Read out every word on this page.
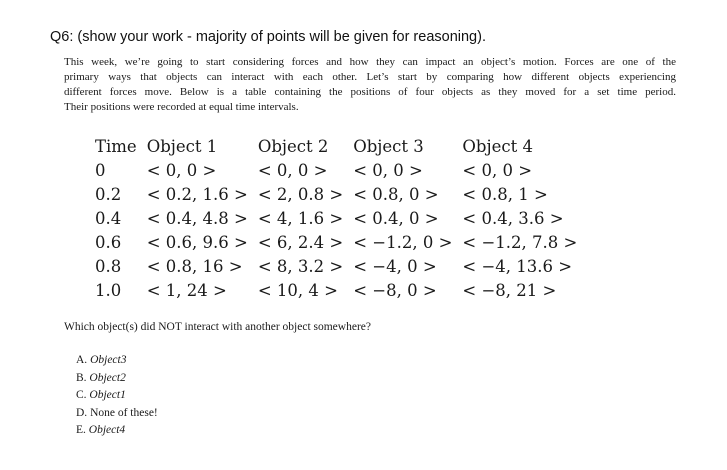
Q6: (show your work - majority of points will be given for reasoning).
This week, we’re going to start considering forces and how they can impact an object’s motion. Forces are one of the
primary ways that objects can interact with each other. Let’s start by comparing how different objects experiencing
different forces move. Below is a table containing the positions of four objects as they moved for a set time period.
Their positions were recorded at equal time intervals.
Time	Object 1	Object 2	Object 3	Object 4
0	< 0, 0 >	< 0, 0 >	< 0, 0 >	< 0, 0 >
0.2	< 0.2, 1.6 >	< 2, 0.8 >	< 0.8, 0 >	< 0.8, 1 >
0.4	< 0.4, 4.8 >	< 4, 1.6 >	< 0.4, 0 >	< 0.4, 3.6 >
0.6	< 0.6, 9.6 >	< 6, 2.4 >	< −1.2, 0 >	< −1.2, 7.8 >
0.8	< 0.8, 16 >	< 8, 3.2 >	< −4, 0 >	< −4, 13.6 >
1.0	< 1, 24 >	< 10, 4 >	< −8, 0 >	< −8, 21 >
Which object(s) did NOT interact with another object somewhere?
A. Object3
B. Object2
C. Object1
D. None of these!
E. Object4
